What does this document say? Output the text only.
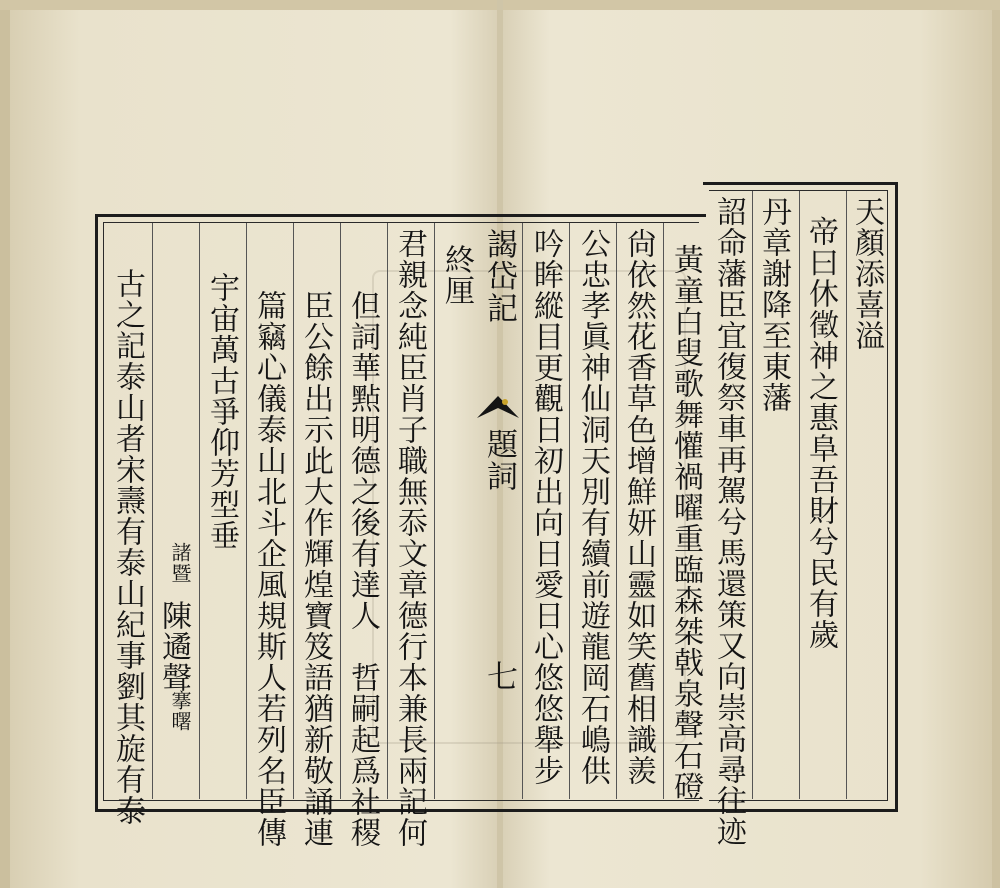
天顏添喜溢
帝曰休徵神之惠阜吾財兮民有歲
丹章謝降至東藩
詔命藩臣宜復祭車再駕兮馬還策又向崇高尋往迹
黃童白叟歌舞懽禍曜重臨森桀戟泉聲石磴
尙依然花香草色增鮮妍山靈如笑舊相識羨
公忠孝眞神仙洞天別有續前遊龍岡石嶋供
吟眸縱目更觀日初出向日愛日心悠悠舉步
謁岱記
題詞
七
終厘
君親念純臣肖子職無忝文章德行本兼長兩記何
但詞華㸃明德之後有達人　哲嗣起爲社稷
臣公餘出示此大作輝煌寶笈語猶新敬誦連
篇竊心儀泰山北斗企風規斯人若列名臣傳
宇宙萬古爭仰芳型垂
諸暨
陳遹聲
搴曙
古之記泰山者宋燾有泰山紀事劉其旋有泰
